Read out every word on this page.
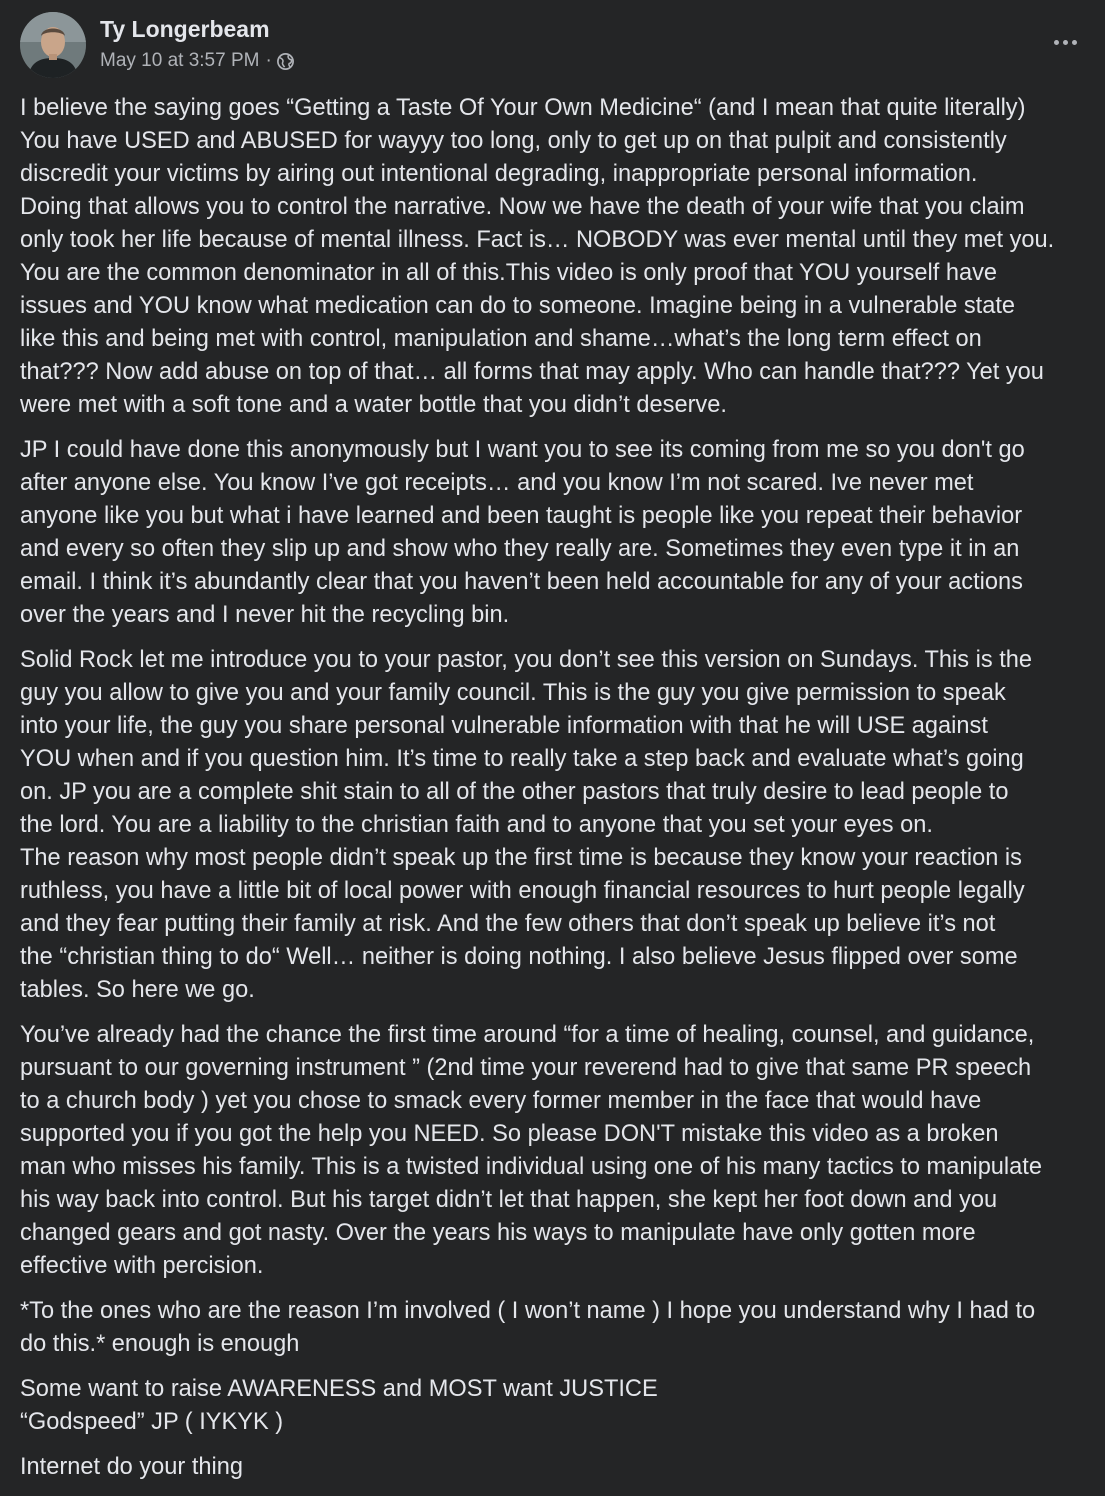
Ty Longerbeam
May 10 at 3:57 PM ·

I believe the saying goes “Getting a Taste Of Your Own Medicine“ (and I mean that quite literally)
You have USED and ABUSED for wayyy too long, only to get up on that pulpit and consistently
discredit your victims by airing out intentional degrading, inappropriate personal information.
Doing that allows you to control the narrative. Now we have the death of your wife that you claim
only took her life because of mental illness. Fact is… NOBODY was ever mental until they met you.
You are the common denominator in all of this.This video is only proof that YOU yourself have
issues and YOU know what medication can do to someone. Imagine being in a vulnerable state
like this and being met with control, manipulation and shame…what’s the long term effect on
that??? Now add abuse on top of that… all forms that may apply. Who can handle that??? Yet you
were met with a soft tone and a water bottle that you didn’t deserve.

JP I could have done this anonymously but I want you to see its coming from me so you don't go
after anyone else. You know I’ve got receipts… and you know I’m not scared. Ive never met
anyone like you but what i have learned and been taught is people like you repeat their behavior
and every so often they slip up and show who they really are. Sometimes they even type it in an
email. I think it’s abundantly clear that you haven’t been held accountable for any of your actions
over the years and I never hit the recycling bin.

Solid Rock let me introduce you to your pastor, you don’t see this version on Sundays. This is the
guy you allow to give you and your family council. This is the guy you give permission to speak
into your life, the guy you share personal vulnerable information with that he will USE against
YOU when and if you question him. It’s time to really take a step back and evaluate what’s going
on. JP you are a complete shit stain to all of the other pastors that truly desire to lead people to
the lord. You are a liability to the christian faith and to anyone that you set your eyes on.
The reason why most people didn’t speak up the first time is because they know your reaction is
ruthless, you have a little bit of local power with enough financial resources to hurt people legally
and they fear putting their family at risk. And the few others that don’t speak up believe it’s not
the “christian thing to do“ Well… neither is doing nothing. I also believe Jesus flipped over some
tables. So here we go.

You’ve already had the chance the first time around “for a time of healing, counsel, and guidance,
pursuant to our governing instrument ” (2nd time your reverend had to give that same PR speech
to a church body ) yet you chose to smack every former member in the face that would have
supported you if you got the help you NEED. So please DON'T mistake this video as a broken
man who misses his family. This is a twisted individual using one of his many tactics to manipulate
his way back into control. But his target didn’t let that happen, she kept her foot down and you
changed gears and got nasty. Over the years his ways to manipulate have only gotten more
effective with percision.

*To the ones who are the reason I’m involved ( I won’t name ) I hope you understand why I had to
do this.* enough is enough

Some want to raise AWARENESS and MOST want JUSTICE
“Godspeed” JP ( IYKYK )

Internet do your thing
